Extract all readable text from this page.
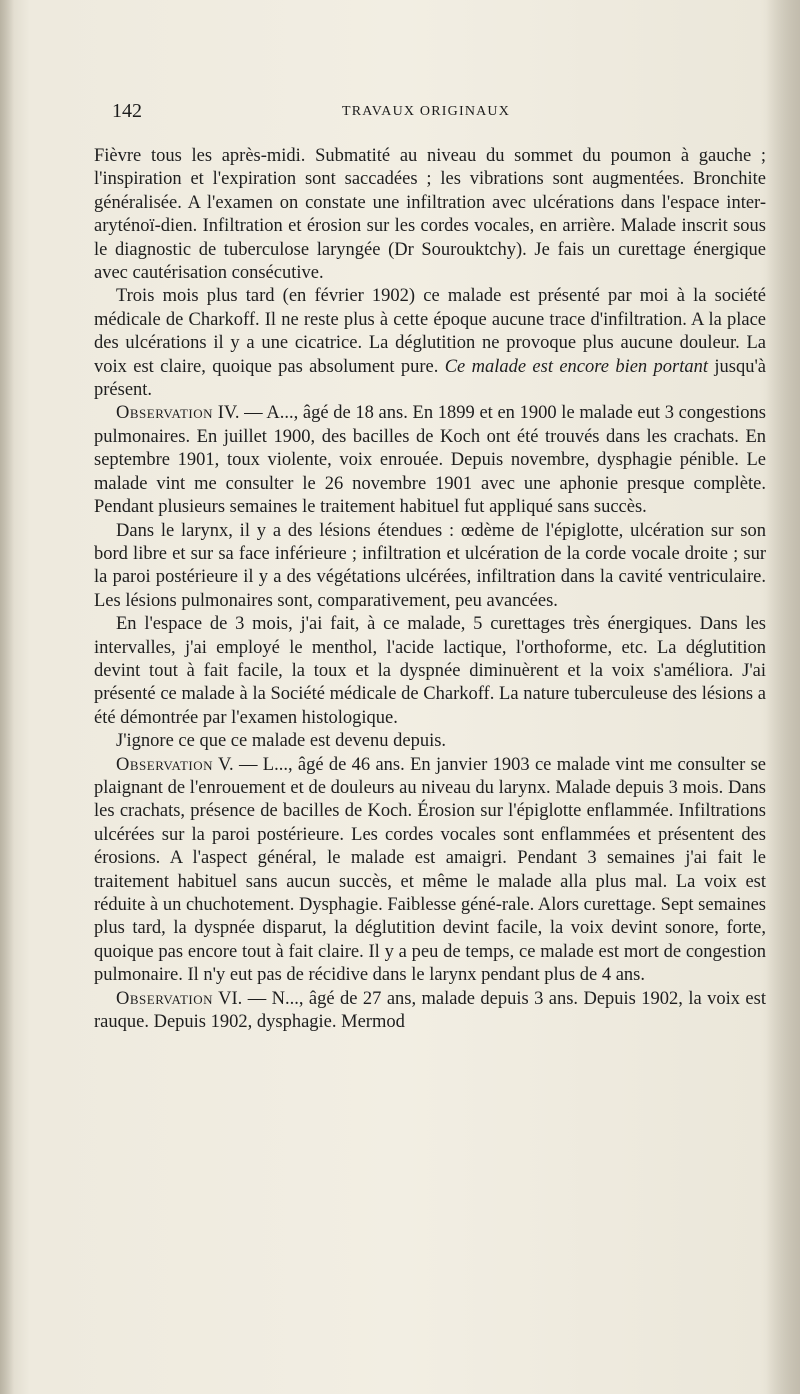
142	TRAVAUX ORIGINAUX

Fièvre tous les après-midi. Submatité au niveau du sommet du poumon à gauche ; l'inspiration et l'expiration sont saccadées ; les vibrations sont augmentées. Bronchite généralisée. A l'examen on constate une infiltration avec ulcérations dans l'espace inter-aryténoï-dien. Infiltration et érosion sur les cordes vocales, en arrière. Malade inscrit sous le diagnostic de tuberculose laryngée (Dr Sourouktchy). Je fais un curettage énergique avec cautérisation consécutive.

Trois mois plus tard (en février 1902) ce malade est présenté par moi à la société médicale de Charkoff. Il ne reste plus à cette époque aucune trace d'infiltration. A la place des ulcérations il y a une cicatrice. La déglutition ne provoque plus aucune douleur. La voix est claire, quoique pas absolument pure. Ce malade est encore bien portant jusqu'à présent.

Observation IV. — A..., âgé de 18 ans. En 1899 et en 1900 le malade eut 3 congestions pulmonaires. En juillet 1900, des bacilles de Koch ont été trouvés dans les crachats. En septembre 1901, toux violente, voix enrouée. Depuis novembre, dysphagie pénible. Le malade vint me consulter le 26 novembre 1901 avec une aphonie presque complète. Pendant plusieurs semaines le traitement habituel fut appliqué sans succès.

Dans le larynx, il y a des lésions étendues : œdème de l'épiglotte, ulcération sur son bord libre et sur sa face inférieure ; infiltration et ulcération de la corde vocale droite ; sur la paroi postérieure il y a des végétations ulcérées, infiltration dans la cavité ventriculaire. Les lésions pulmonaires sont, comparativement, peu avancées.

En l'espace de 3 mois, j'ai fait, à ce malade, 5 curettages très énergiques. Dans les intervalles, j'ai employé le menthol, l'acide lactique, l'orthoforme, etc. La déglutition devint tout à fait facile, la toux et la dyspnée diminuèrent et la voix s'améliora. J'ai présenté ce malade à la Société médicale de Charkoff. La nature tuberculeuse des lésions a été démontrée par l'examen histologique.

J'ignore ce que ce malade est devenu depuis.

Observation V. — L..., âgé de 46 ans. En janvier 1903 ce malade vint me consulter se plaignant de l'enrouement et de douleurs au niveau du larynx. Malade depuis 3 mois. Dans les crachats, présence de bacilles de Koch. Érosion sur l'épiglotte enflammée. Infiltrations ulcérées sur la paroi postérieure. Les cordes vocales sont enflammées et présentent des érosions. A l'aspect général, le malade est amaigri. Pendant 3 semaines j'ai fait le traitement habituel sans aucun succès, et même le malade alla plus mal. La voix est réduite à un chuchotement. Dysphagie. Faiblesse géné-rale. Alors curettage. Sept semaines plus tard, la dyspnée disparut, la déglutition devint facile, la voix devint sonore, forte, quoique pas encore tout à fait claire. Il y a peu de temps, ce malade est mort de congestion pulmonaire. Il n'y eut pas de récidive dans le larynx pendant plus de 4 ans.

Observation VI. — N..., âgé de 27 ans, malade depuis 3 ans. Depuis 1902, la voix est rauque. Depuis 1902, dysphagie. Mermod
